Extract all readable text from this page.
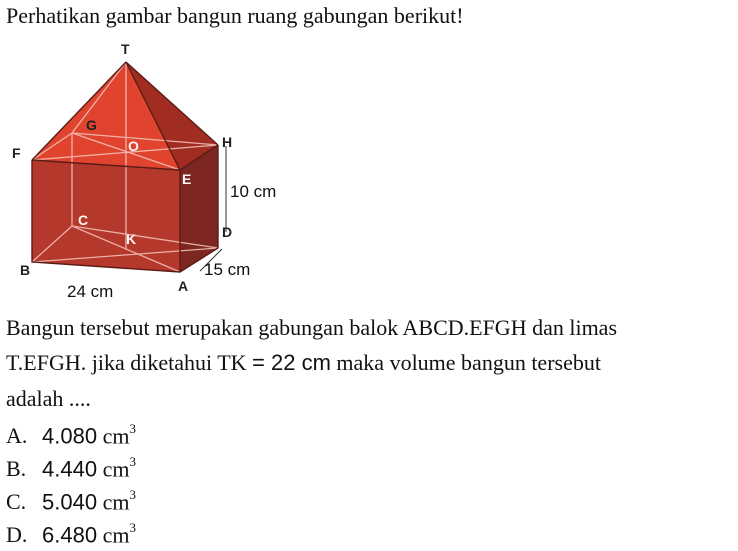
Perhatikan gambar bangun ruang gabungan berikut!
T
G
F	O	H
E
C
K	D
B
A
10 cm
15 cm
24 cm
Bangun tersebut merupakan gabungan balok ABCD.EFGH dan limas
T.EFGH. jika diketahui TK = 22 cm maka volume bangun tersebut
adalah ....
A. 4.080 $cm^3$
B. 4.440 $cm^3$
C. 5.040 $cm^3$
D. 6.480 $cm^3$
